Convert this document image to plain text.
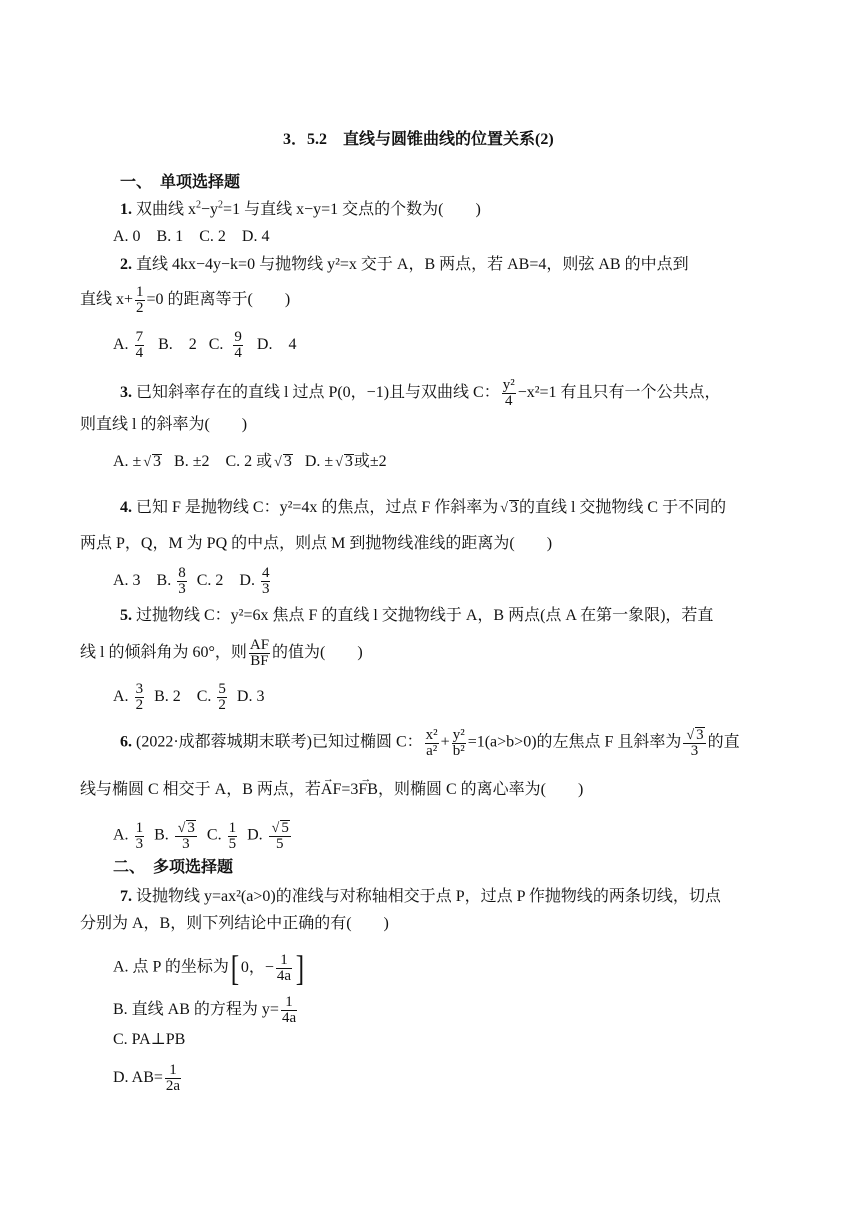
3．5.2　直线与圆锥曲线的位置关系(2)
一、　单项选择题
1. 双曲线 $x^2-y^2=1$ 与直线 x−y=1 交点的个数为(　　)
A. 0　B. 1　C. 2　D. 4
2. 直线 4kx−4y−k=0 与抛物线 y²=x 交于 A，B 两点，若 AB=4，则弦 AB 的中点到
直线 $x+ \frac{1}{2} =0$ 的距离等于(　　)
A. $\frac{7}{4} B$.　2 C. $\frac{9}{4} D$.　4
3. 已知斜率存在的直线 l 过点 P(0，−1)且与双曲线 C： $\frac{\text{y²}}{4} -x^2=1$ 有且只有一个公共点，
则直线 l 的斜率为(　　)
A. ± √ 3 B. ±2　C. 2 或 √ 3 D. ± √ 3或±2
4. 已知 F 是抛物线 C：y²=4x 的焦点，过点 F 作斜率为 √ 3的直线 l 交抛物线 C 于不同的
两点 P，Q，M 为 PQ 的中点，则点 M 到抛物线准线的距离为(　　)
A. 3　B. $\frac{8}{3} C$. 2　D. $\frac{4}{3}$
5. 过抛物线 C：y²=6x 焦点 F 的直线 l 交抛物线于 A，B 两点(点 A 在第一象限)，若直
线 l 的倾斜角为 60°，则 $\frac{AF}{BF}$ 的值为(　　)
A. $\frac{3}{2} B$. 2　C. $\frac{5}{2} D$. 3
6. (2022·成都蓉城期末联考)已知过椭圆 C： $\frac{\text{x²}}{\text{a²}} + \frac{\text{y²}}{\text{b²}} =1(a>b>0)$的左焦点 F 且斜率为 $\frac{√ 3}{3}$ 的直
线与椭圆 C 相交于 A，B 两点，若→ AF=3→ FB，则椭圆 C 的离心率为(　　)
A. $\frac{1}{3} B$. $\frac{√ 3}{3} C$. $\frac{1}{5} D$. $\frac{√ 5}{5}$
二、　多项选择题
7. 设抛物线 y=ax²(a>0)的准线与对称轴相交于点 P，过点 P 作抛物线的两条切线，切点
分别为 A，B，则下列结论中正确的有(　　)
A. 点 P 的坐标为[ 0，− $\frac{1}{4a}$ ]
B. 直线 AB 的方程为 $y= \frac{1}{4a}$
C. PA⊥PB
D. $AB= \frac{1}{2a}$
